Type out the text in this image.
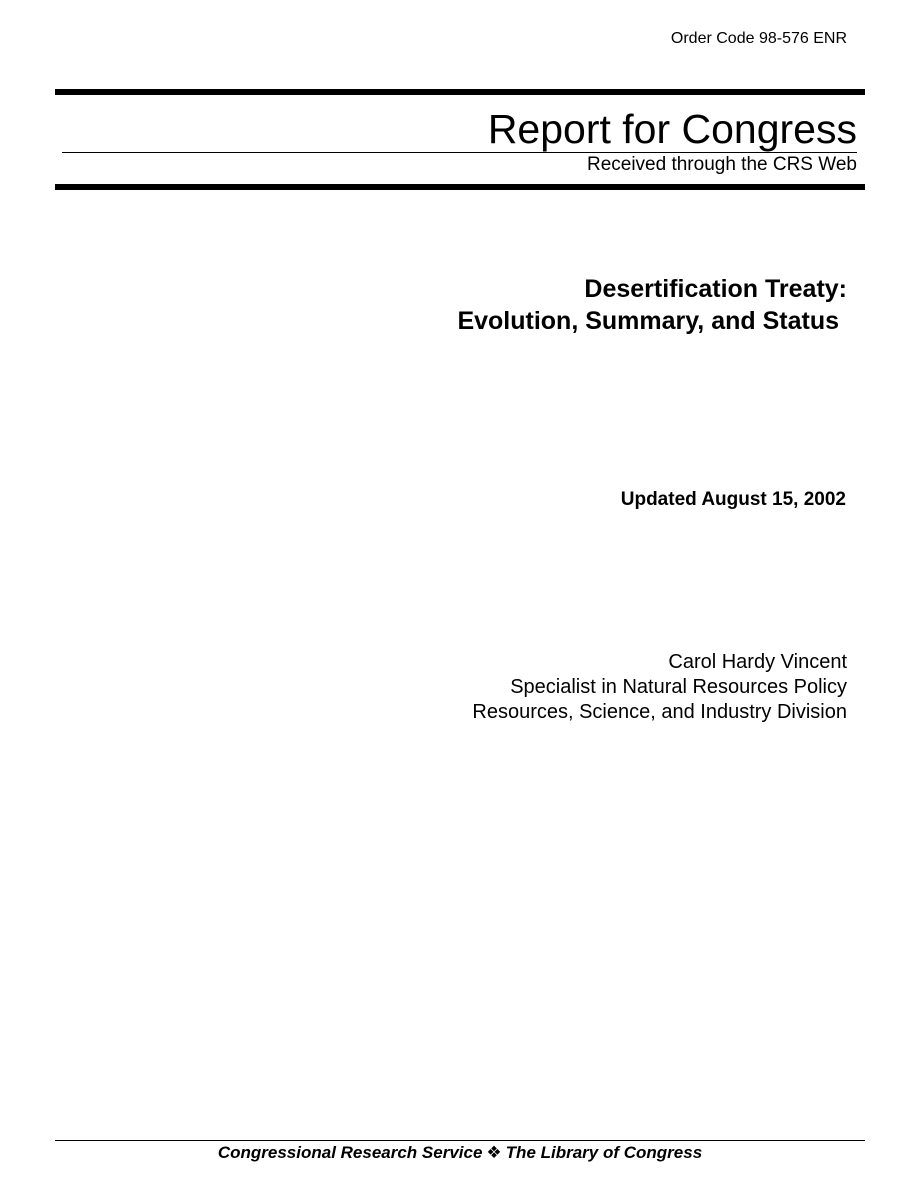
Order Code 98-576 ENR
Report for Congress
Received through the CRS Web
Desertification Treaty:
Evolution, Summary, and Status
Updated August 15, 2002
Carol Hardy Vincent
Specialist in Natural Resources Policy
Resources, Science, and Industry Division
Congressional Research Service ❖ The Library of Congress
